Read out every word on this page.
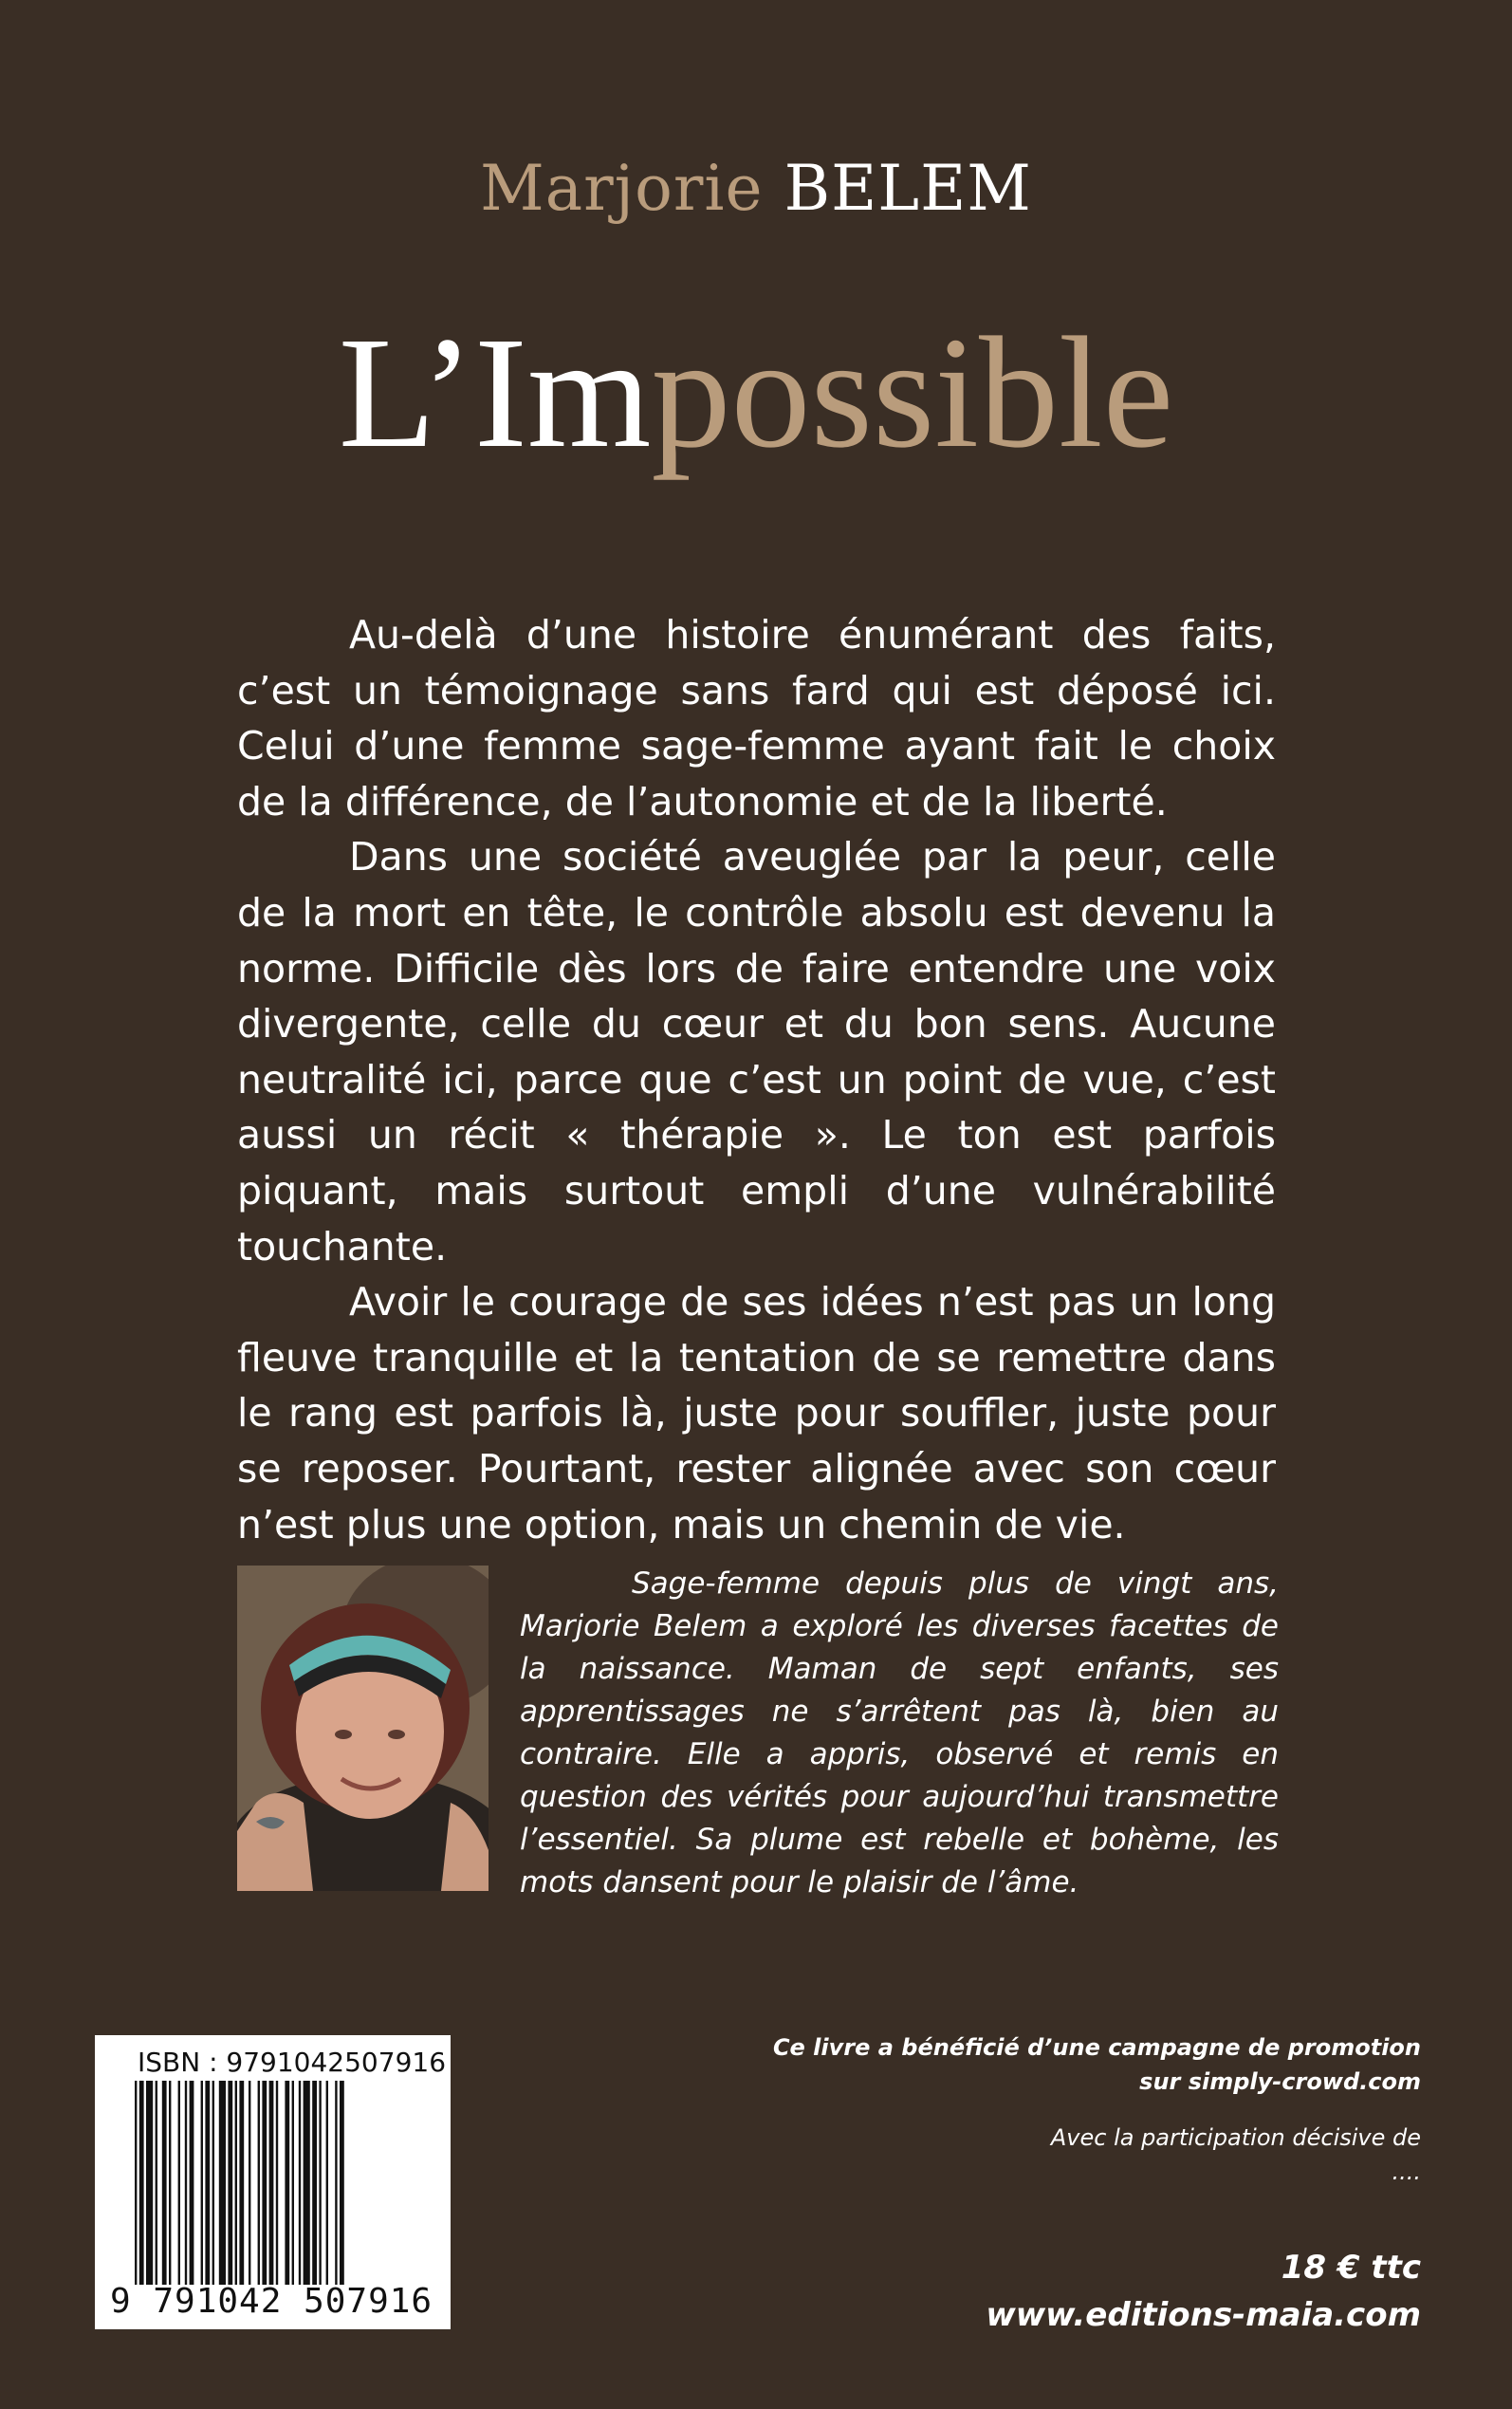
Marjorie BELEM
L’Impossible

Au-delà d’une histoire énumérant des faits, c’est un témoignage sans fard qui est déposé ici. Celui d’une femme sage-femme ayant fait le choix de la différence, de l’autonomie et de la liberté.

Dans une société aveuglée par la peur, celle de la mort en tête, le contrôle absolu est devenu la norme. Difficile dès lors de faire entendre une voix divergente, celle du cœur et du bon sens. Aucune neutralité ici, parce que c’est un point de vue, c’est aussi un récit « thérapie ». Le ton est parfois piquant, mais surtout empli d’une vulnérabilité touchante.

Avoir le courage de ses idées n’est pas un long fleuve tranquille et la tentation de se remettre dans le rang est parfois là, juste pour souffler, juste pour se reposer. Pourtant, rester alignée avec son cœur n’est plus une option, mais un chemin de vie.

Sage-femme depuis plus de vingt ans, Marjorie Belem a exploré les diverses facettes de la naissance. Maman de sept enfants, ses apprentissages ne s’arrêtent pas là, bien au contraire. Elle a appris, observé et remis en question des vérités pour aujourd’hui transmettre l’essentiel. Sa plume est rebelle et bohème, les mots dansent pour le plaisir de l’âme.

ISBN : 9791042507916
9 791042 507916
Ce livre a bénéficié d’une campagne de promotion
sur simply-crowd.com
Avec la participation décisive de
....
18 € ttc
www.editions-maia.com
